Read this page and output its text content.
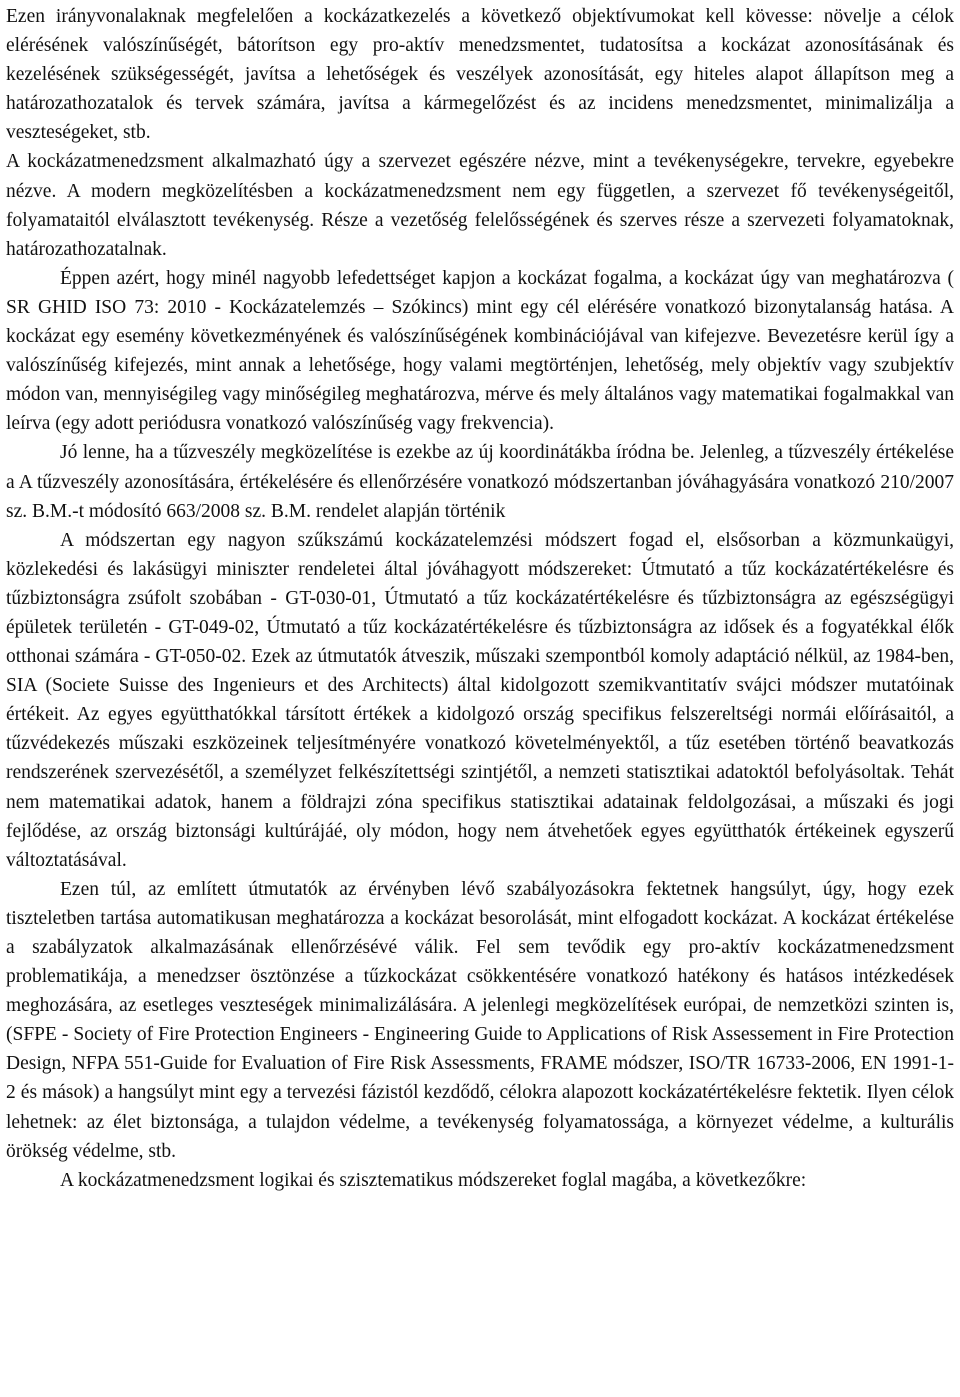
Ezen irányvonalaknak megfelelően a kockázatkezelés a következő objektívumokat kell kövesse: növelje a célok elérésének valószínűségét, bátorítson egy pro-aktív menedzsmentet, tudatosítsa a kockázat azonosításának és kezelésének szükségességét, javítsa a lehetőségek és veszélyek azonosítását, egy hiteles alapot állapítson meg a határozathozatalok és tervek számára, javítsa a kármegelőzést és az incidens menedzsmentet, minimalizálja a veszteségeket, stb.

A kockázatmenedzsment alkalmazható úgy a szervezet egészére nézve, mint a tevékenységekre, tervekre, egyebekre nézve. A modern megközelítésben a kockázatmenedzsment nem egy független, a szervezet fő tevékenységeitől, folyamataitól elválasztott tevékenység. Része a vezetőség felelősségének és szerves része a szervezeti folyamatoknak, határozathozatalnak.

Éppen azért, hogy minél nagyobb lefedettséget kapjon a kockázat fogalma, a kockázat úgy van meghatározva ( SR GHID ISO 73: 2010 - Kockázatelemzés – Szókincs) mint egy cél elérésére vonatkozó bizonytalanság hatása. A kockázat egy esemény következményének és valószínűségének kombinációjával van kifejezve. Bevezetésre kerül így a valószínűség kifejezés, mint annak a lehetősége, hogy valami megtörténjen, lehetőség, mely objektív vagy szubjektív módon van, mennyiségileg vagy minőségileg meghatározva, mérve és mely általános vagy matematikai fogalmakkal van leírva (egy adott periódusra vonatkozó valószínűség vagy frekvencia).

Jó lenne, ha a tűzveszély megközelítése is ezekbe az új koordinátákba íródna be. Jelenleg, a tűzveszély értékelése a A tűzveszély azonosítására, értékelésére és ellenőrzésére vonatkozó módszertanban jóváhagyására vonatkozó 210/2007 sz. B.M.-t módosító 663/2008 sz. B.M. rendelet alapján történik

A módszertan egy nagyon szűkszámú kockázatelemzési módszert fogad el, elsősorban a közmunkaügyi, közlekedési és lakásügyi miniszter rendeletei által jóváhagyott módszereket: Útmutató a tűz kockázatértékelésre és tűzbiztonságra zsúfolt szobában - GT-030-01, Útmutató a tűz kockázatértékelésre és tűzbiztonságra az egészségügyi épületek területén - GT-049-02, Útmutató a tűz kockázatértékelésre és tűzbiztonságra az idősek és a fogyatékkal élők otthonai számára - GT-050-02. Ezek az útmutatók átveszik, műszaki szempontból komoly adaptáció nélkül, az 1984-ben, SIA (Societe Suisse des Ingenieurs et des Architects) által kidolgozott szemikvantitatív svájci módszer mutatóinak értékeit. Az egyes együtthatókkal társított értékek a kidolgozó ország specifikus felszereltségi normái előírásaitól, a tűzvédekezés műszaki eszközeinek teljesítményére vonatkozó követelményektől, a tűz esetében történő beavatkozás rendszerének szervezésétől, a személyzet felkészítettségi szintjétől, a nemzeti statisztikai adatoktól befolyásoltak. Tehát nem matematikai adatok, hanem a földrajzi zóna specifikus statisztikai adatainak feldolgozásai, a műszaki és jogi fejlődése, az ország biztonsági kultúrájáé, oly módon, hogy nem átvehetőek egyes együtthatók értékeinek egyszerű változtatásával.

Ezen túl, az említett útmutatók az érvényben lévő szabályozásokra fektetnek hangsúlyt, úgy, hogy ezek tiszteletben tartása automatikusan meghatározza a kockázat besorolását, mint elfogadott kockázat. A kockázat értékelése a szabályzatok alkalmazásának ellenőrzésévé válik. Fel sem tevődik egy pro-aktív kockázatmenedzsment problematikája, a menedzser ösztönzése a tűzkockázat csökkentésére vonatkozó hatékony és hatásos intézkedések meghozására, az esetleges veszteségek minimalizálására. A jelenlegi megközelítések európai, de nemzetközi szinten is, (SFPE - Society of Fire Protection Engineers - Engineering Guide to Applications of Risk Assessement in Fire Protection Design, NFPA 551-Guide for Evaluation of Fire Risk Assessments, FRAME módszer, ISO/TR 16733-2006, EN 1991-1-2 és mások) a hangsúlyt mint egy a tervezési fázistól kezdődő, célokra alapozott kockázatértékelésre fektetik. Ilyen célok lehetnek: az élet biztonsága, a tulajdon védelme, a tevékenység folyamatossága, a környezet védelme, a kulturális örökség védelme, stb.

A kockázatmenedzsment logikai és szisztematikus módszereket foglal magába, a következőkre:
